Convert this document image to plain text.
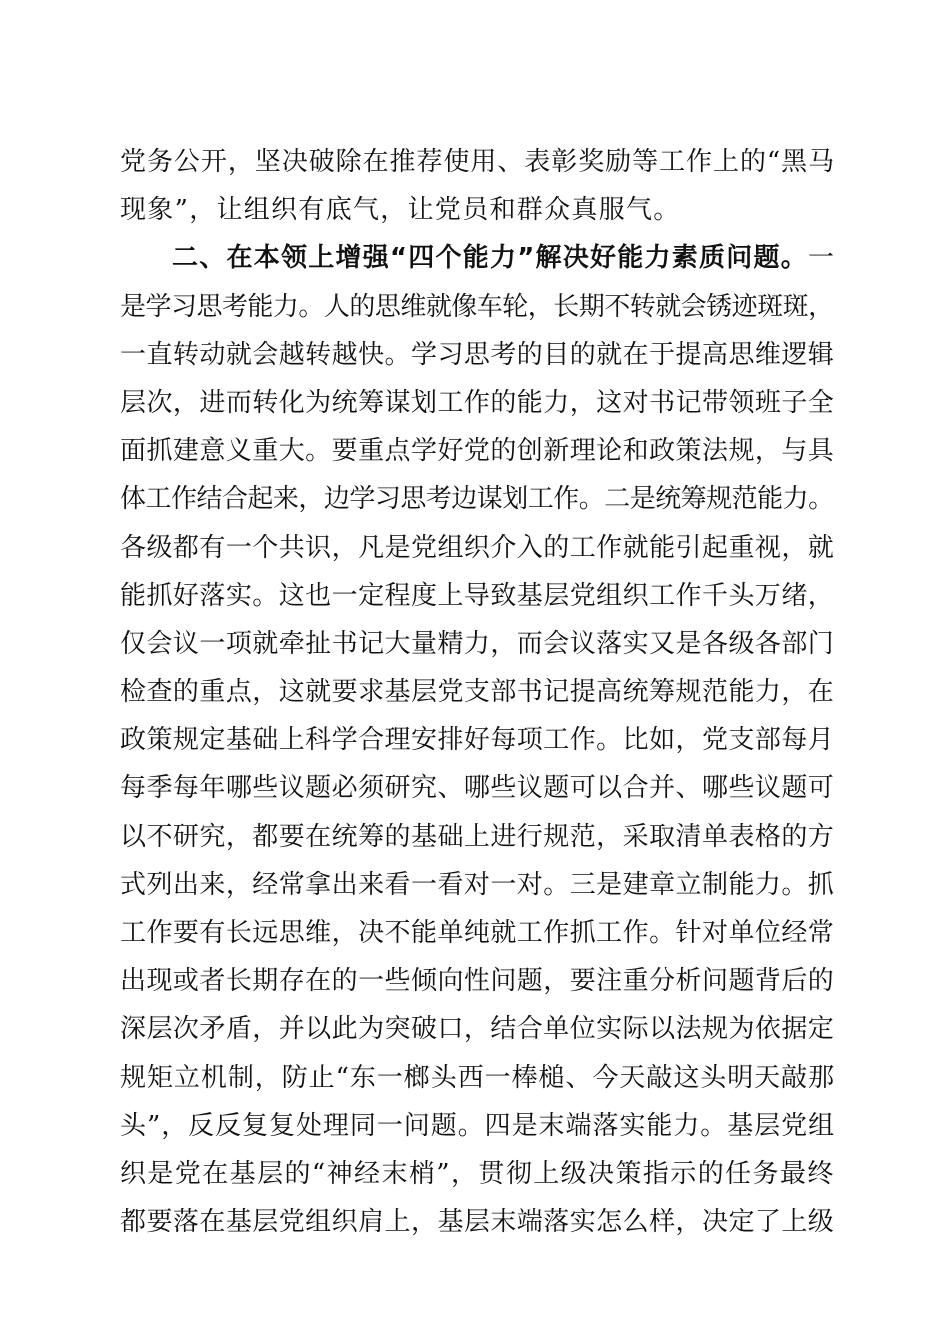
党务公开，坚决破除在推荐使用、表彰奖励等工作上的“黑马
现象”，让组织有底气，让党员和群众真服气。
二、在本领上增强“四个能力”解决好能力素质问题。一
是学习思考能力。人的思维就像车轮，长期不转就会锈迹斑斑，
一直转动就会越转越快。学习思考的目的就在于提高思维逻辑
层次，进而转化为统筹谋划工作的能力，这对书记带领班子全
面抓建意义重大。要重点学好党的创新理论和政策法规，与具
体工作结合起来，边学习思考边谋划工作。二是统筹规范能力。
各级都有一个共识，凡是党组织介入的工作就能引起重视，就
能抓好落实。这也一定程度上导致基层党组织工作千头万绪，
仅会议一项就牵扯书记大量精力，而会议落实又是各级各部门
检查的重点，这就要求基层党支部书记提高统筹规范能力，在
政策规定基础上科学合理安排好每项工作。比如，党支部每月
每季每年哪些议题必须研究、哪些议题可以合并、哪些议题可
以不研究，都要在统筹的基础上进行规范，采取清单表格的方
式列出来，经常拿出来看一看对一对。三是建章立制能力。抓
工作要有长远思维，决不能单纯就工作抓工作。针对单位经常
出现或者长期存在的一些倾向性问题，要注重分析问题背后的
深层次矛盾，并以此为突破口，结合单位实际以法规为依据定
规矩立机制，防止“东一榔头西一棒槌、今天敲这头明天敲那
头”，反反复复处理同一问题。四是末端落实能力。基层党组
织是党在基层的“神经末梢”，贯彻上级决策指示的任务最终
都要落在基层党组织肩上，基层末端落实怎么样，决定了上级
